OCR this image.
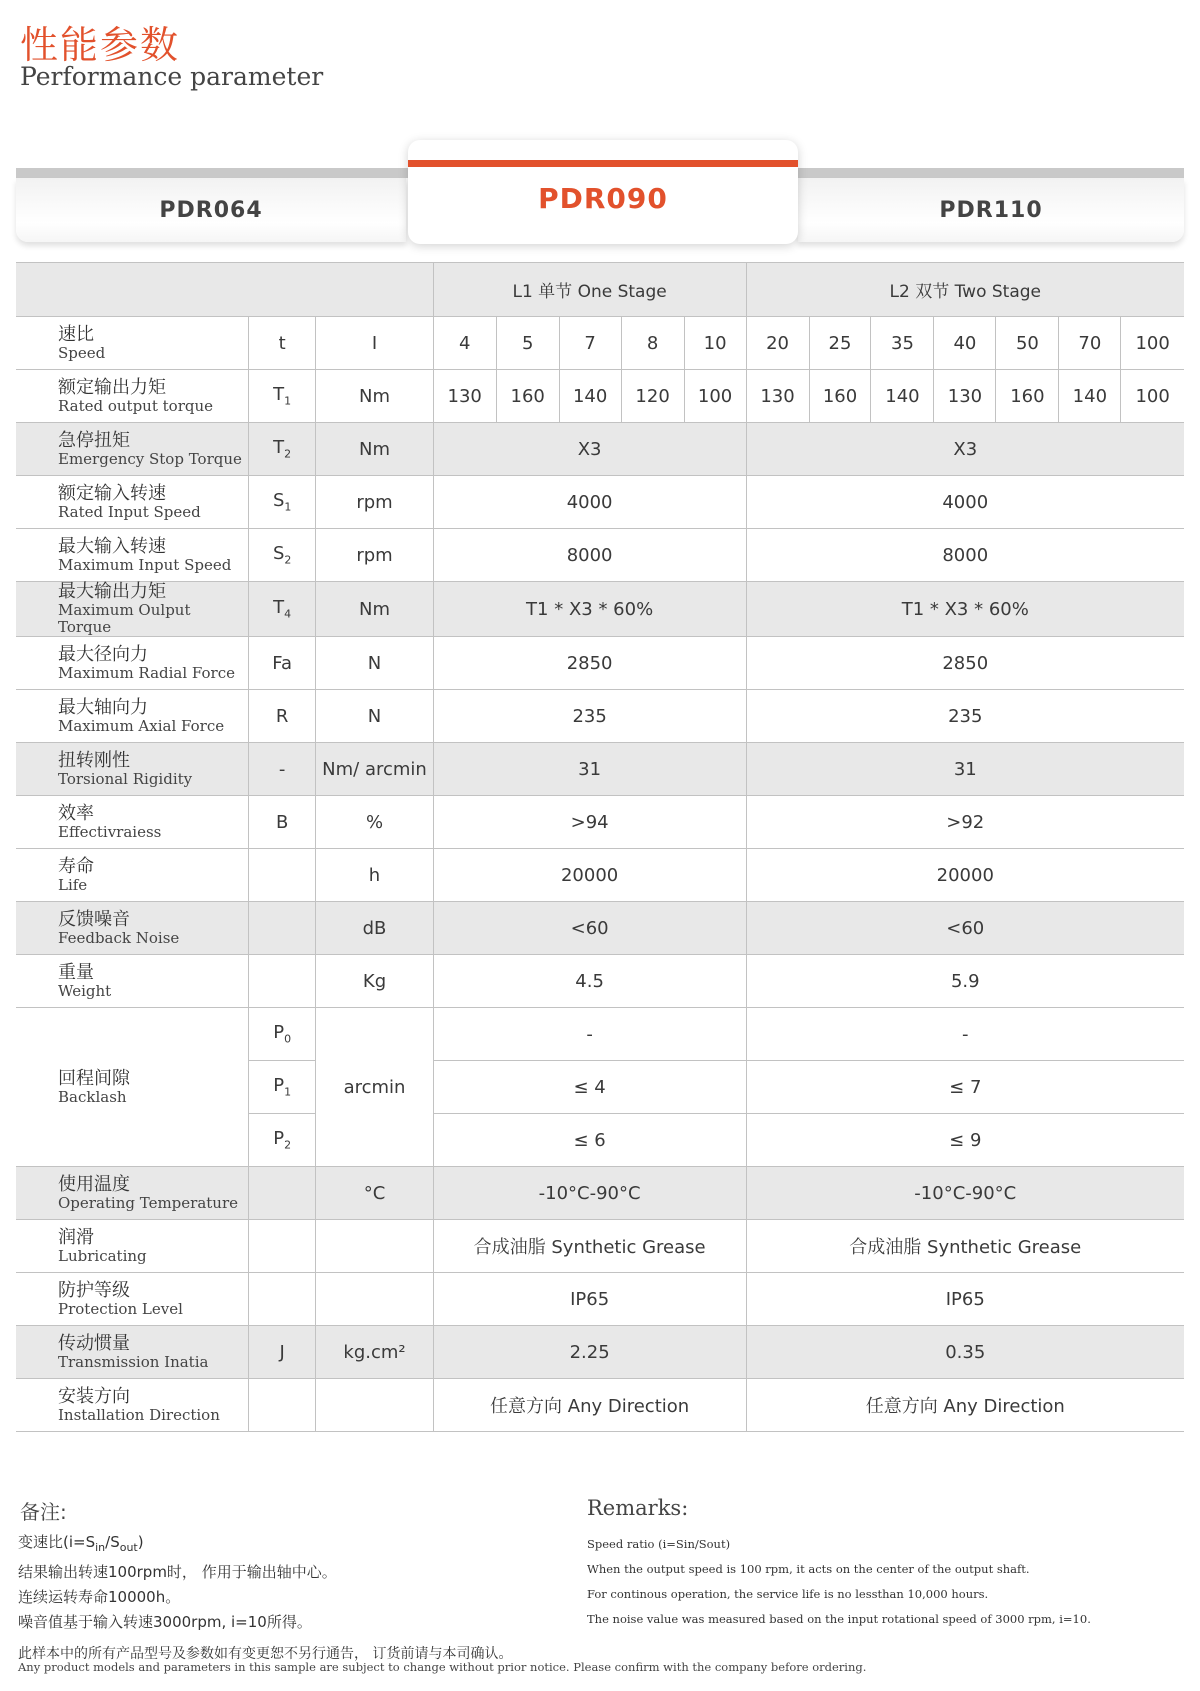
性能参数
Performance parameter
PDR064	PDR090	PDR110
			L1 单节 One Stage					L2 双节 Two Stage						

速比
Speed	t	I	4	5	7	8	10	20	25	35	40	50	70	100

额定输出力矩
Rated output torque	$T_1$	Nm	130	160	140	120	100	130	160	140	130	160	140	100

急停扭矩
Emergency Stop Torque	$T_2$	Nm	X3					X3						

额定输入转速
Rated Input Speed	$S_1$	rpm	4000					4000						

最大输入转速
Maximum Input Speed	$S_2$	rpm	8000					8000						

最大输出力矩
Maximum Oulput Torque	$T_4$	Nm	T1 * X3 * 60%					T1 * X3 * 60%						

最大径向力
Maximum Radial Force	Fa	N	2850					2850						

最大轴向力
Maximum Axial Force	R	N	235					235						

扭转刚性
Torsional Rigidity	-	Nm/ arcmin	31					31						

效率
Effectivraiess	B	%	>94					>92						

寿命
Life		h	20000					20000						

反馈噪音
Feedback Noise		dB	<60					<60						

重量
Weight		Kg	4.5					5.9						

回程间隙
Backlash	$P_0$	arcmin	-					-						
	$P_1$		≤ 4					≤ 7						
	$P_2$		≤ 6					≤ 9						

使用温度
Operating Temperature		°C	-10°C-90°C					-10°C-90°C						

润滑
Lubricating			合成油脂 Synthetic Grease					合成油脂 Synthetic Grease						

防护等级
Protection Level			IP65					IP65						

传动惯量
Transmission Inatia	J	kg.cm²	2.25					0.35						

安装方向
Installation Direction			任意方向 Any Direction					任意方向 Any Direction						
备注:
变速比$(i=S_{in}/S_{out})$
结果输出转速100rpm时， 作用于输出轴中心。
连续运转寿命10000h。
噪音值基于输入转速3000rpm, i=10所得。
Remarks:
Speed ratio (i=Sin/Sout)
When the output speed is 100 rpm, it acts on the center of the output shaft.
For continous operation, the service life is no lessthan 10,000 hours.
The noise value was measured based on the input rotational speed of 3000 rpm, i=10.
此样本中的所有产品型号及参数如有变更恕不另行通告， 订货前请与本司确认。
Any product models and parameters in this sample are subject to change without prior notice. Please confirm with the company before ordering.
